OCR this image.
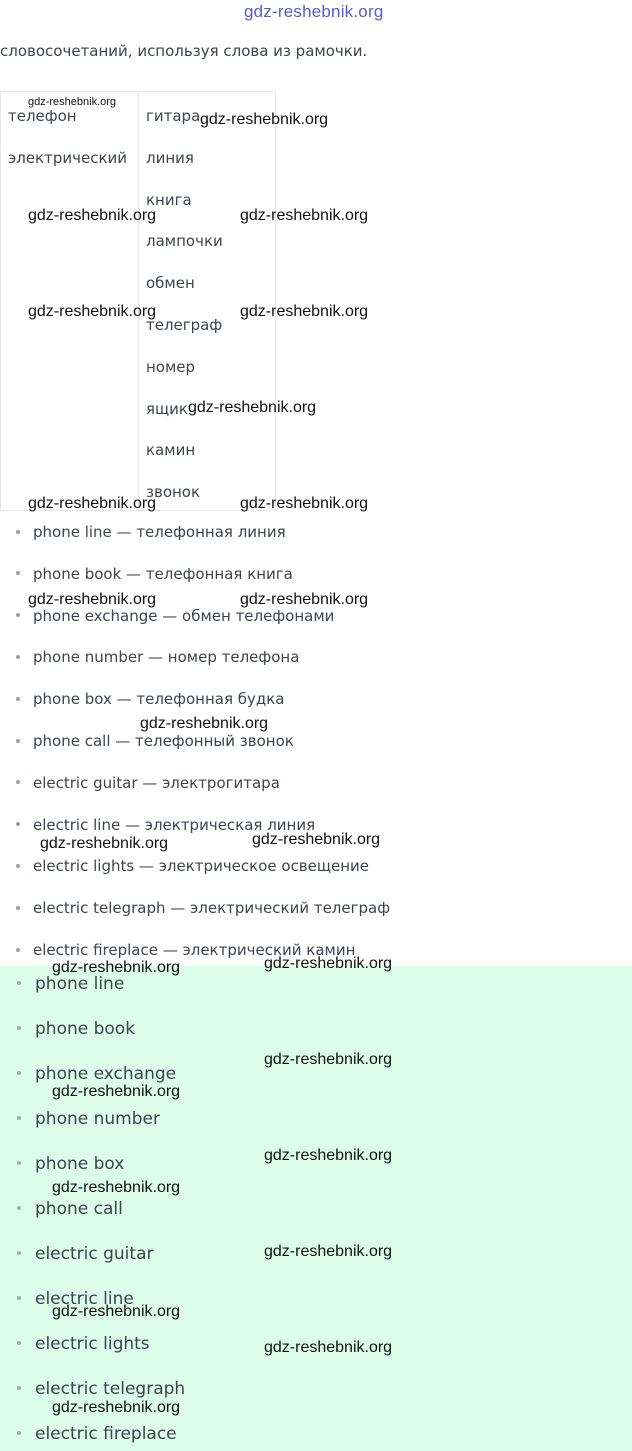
gdz-reshebnik.org
словосочетаний, используя слова из рамочки.
телефон
электрический
гитара
линия
книга
лампочки
обмен
телеграф
номер
ящик
камин
звонок
phone line — телефонная линия
phone book — телефонная книга
phone exchange — обмен телефонами
phone number — номер телефона
phone box — телефонная будка
phone call — телефонный звонок
electric guitar — электрогитара
electric line — электрическая линия
electric lights — электрическое освещение
electric telegraph — электрический телеграф
electric fireplace — электрический камин
phone line
phone book
phone exchange
phone number
phone box
phone call
electric guitar
electric line
electric lights
electric telegraph
electric fireplace
gdz-reshebnik.org
gdz-reshebnik.org
gdz-reshebnik.org	gdz-reshebnik.org
gdz-reshebnik.org	gdz-reshebnik.org
gdz-reshebnik.org
gdz-reshebnik.org	gdz-reshebnik.org
gdz-reshebnik.org	gdz-reshebnik.org
gdz-reshebnik.org
gdz-reshebnik.org	gdz-reshebnik.org
gdz-reshebnik.org	gdz-reshebnik.org
gdz-reshebnik.org
gdz-reshebnik.org
gdz-reshebnik.org
gdz-reshebnik.org
gdz-reshebnik.org
gdz-reshebnik.org
gdz-reshebnik.org
gdz-reshebnik.org
